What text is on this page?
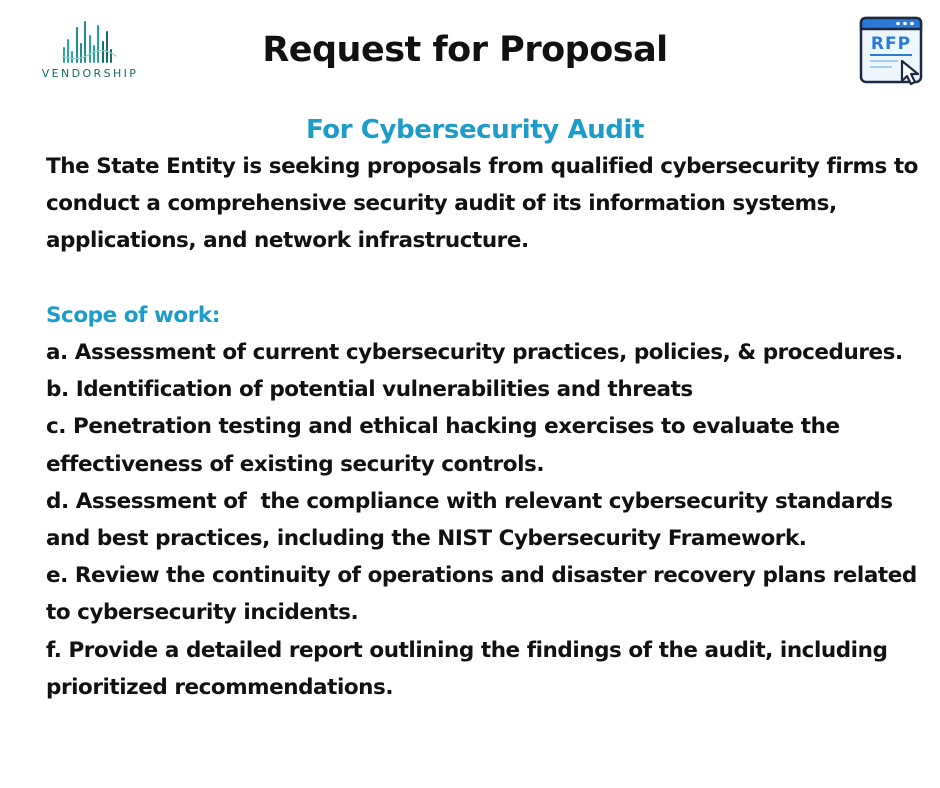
VENDORSHIP
Request for Proposal	RFP
For Cybersecurity Audit

The State Entity is seeking proposals from qualified cybersecurity firms to conduct a comprehensive security audit of its information systems, applications, and network infrastructure.

Scope of work:

a. Assessment of current cybersecurity practices, policies, & procedures.

b. Identification of potential vulnerabilities and threats

c. Penetration testing and ethical hacking exercises to evaluate the effectiveness of existing security controls.

d. Assessment of  the compliance with relevant cybersecurity standards and best practices, including the NIST Cybersecurity Framework.

e. Review the continuity of operations and disaster recovery plans related to cybersecurity incidents.

f. Provide a detailed report outlining the findings of the audit, including prioritized recommendations.
